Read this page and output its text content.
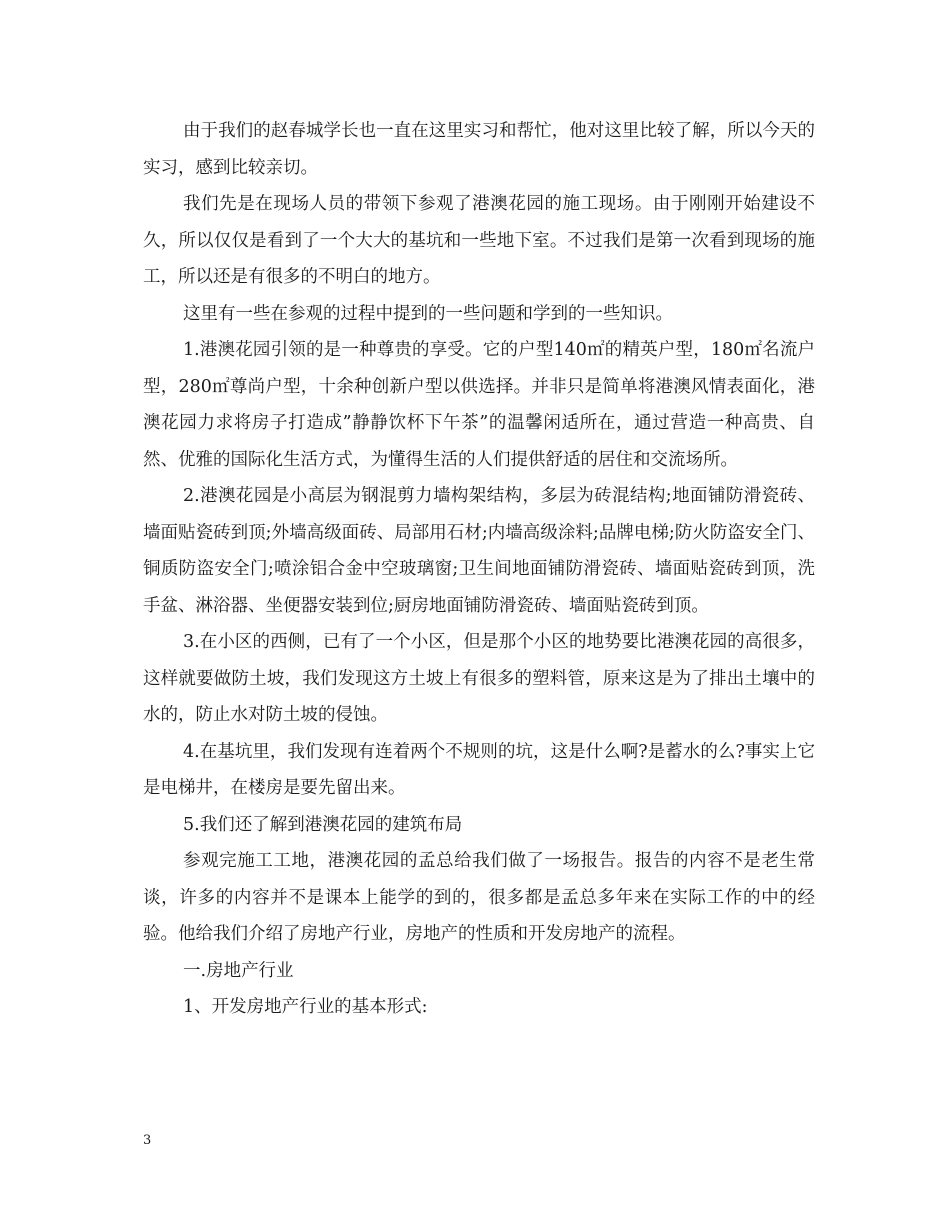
由于我们的赵春城学长也一直在这里实习和帮忙，他对这里比较了解，所以今天的实习，感到比较亲切。

我们先是在现场人员的带领下参观了港澳花园的施工现场。由于刚刚开始建设不久，所以仅仅是看到了一个大大的基坑和一些地下室。不过我们是第一次看到现场的施工，所以还是有很多的不明白的地方。

这里有一些在参观的过程中提到的一些问题和学到的一些知识。

1.港澳花园引领的是一种尊贵的享受。它的户型140㎡的精英户型，180㎡名流户型，280㎡尊尚户型，十余种创新户型以供选择。并非只是简单将港澳风情表面化，港澳花园力求将房子打造成”静静饮杯下午茶”的温馨闲适所在，通过营造一种高贵、自然、优雅的国际化生活方式，为懂得生活的人们提供舒适的居住和交流场所。

2.港澳花园是小高层为钢混剪力墙构架结构，多层为砖混结构;地面铺防滑瓷砖、墙面贴瓷砖到顶;外墙高级面砖、局部用石材;内墙高级涂料;品牌电梯;防火防盗安全门、铜质防盗安全门;喷涂铝合金中空玻璃窗;卫生间地面铺防滑瓷砖、墙面贴瓷砖到顶，洗手盆、淋浴器、坐便器安装到位;厨房地面铺防滑瓷砖、墙面贴瓷砖到顶。

3.在小区的西侧，已有了一个小区，但是那个小区的地势要比港澳花园的高很多，这样就要做防土坡，我们发现这方土坡上有很多的塑料管，原来这是为了排出土壤中的水的，防止水对防土坡的侵蚀。

4.在基坑里，我们发现有连着两个不规则的坑，这是什么啊?是蓄水的么?事实上它是电梯井，在楼房是要先留出来。

5.我们还了解到港澳花园的建筑布局

参观完施工工地，港澳花园的孟总给我们做了一场报告。报告的内容不是老生常谈，许多的内容并不是课本上能学的到的，很多都是孟总多年来在实际工作的中的经验。他给我们介绍了房地产行业，房地产的性质和开发房地产的流程。

一.房地产行业

1、开发房地产行业的基本形式:

3
